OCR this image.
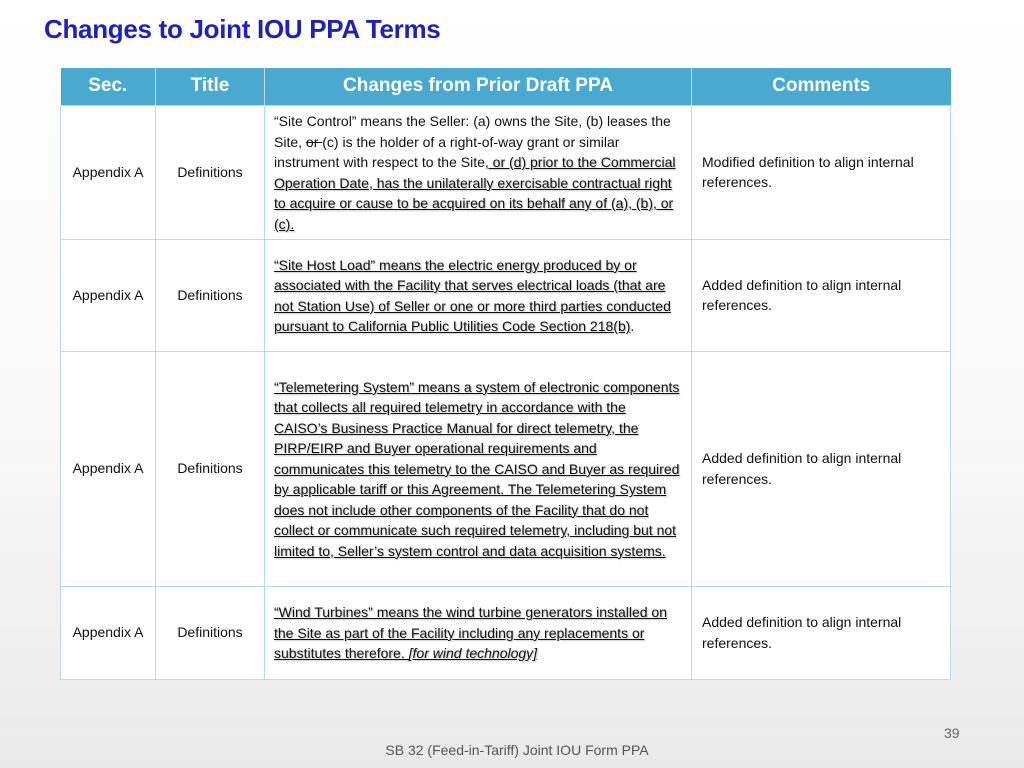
Changes to Joint IOU PPA Terms
Sec.	Title	Changes from Prior Draft PPA	Comments
Appendix A	Definitions	“Site Control” means the Seller: (a) owns the Site, (b) leases the Site, or (c) is the holder of a right-of-way grant or similar instrument with respect to the Site, or (d) prior to the Commercial Operation Date, has the unilaterally exercisable contractual right to acquire or cause to be acquired on its behalf any of (a), (b), or (c).	Modified definition to align internal references.
Appendix A	Definitions	“Site Host Load” means the electric energy produced by or associated with the Facility that serves electrical loads (that are not Station Use) of Seller or one or more third parties conducted pursuant to California Public Utilities Code Section 218(b).	Added definition to align internal references.
Appendix A	Definitions	“Telemetering System” means a system of electronic components that collects all required telemetry in accordance with the CAISO’s Business Practice Manual for direct telemetry, the PIRP/EIRP and Buyer operational requirements and communicates this telemetry to the CAISO and Buyer as required by applicable tariff or this Agreement. The Telemetering System does not include other components of the Facility that do not collect or communicate such required telemetry, including but not limited to, Seller’s system control and data acquisition systems.	Added definition to align internal references.
Appendix A	Definitions	“Wind Turbines” means the wind turbine generators installed on the Site as part of the Facility including any replacements or substitutes therefore. [for wind technology]	Added definition to align internal references.
39
SB 32 (Feed-in-Tariff) Joint IOU Form PPA
